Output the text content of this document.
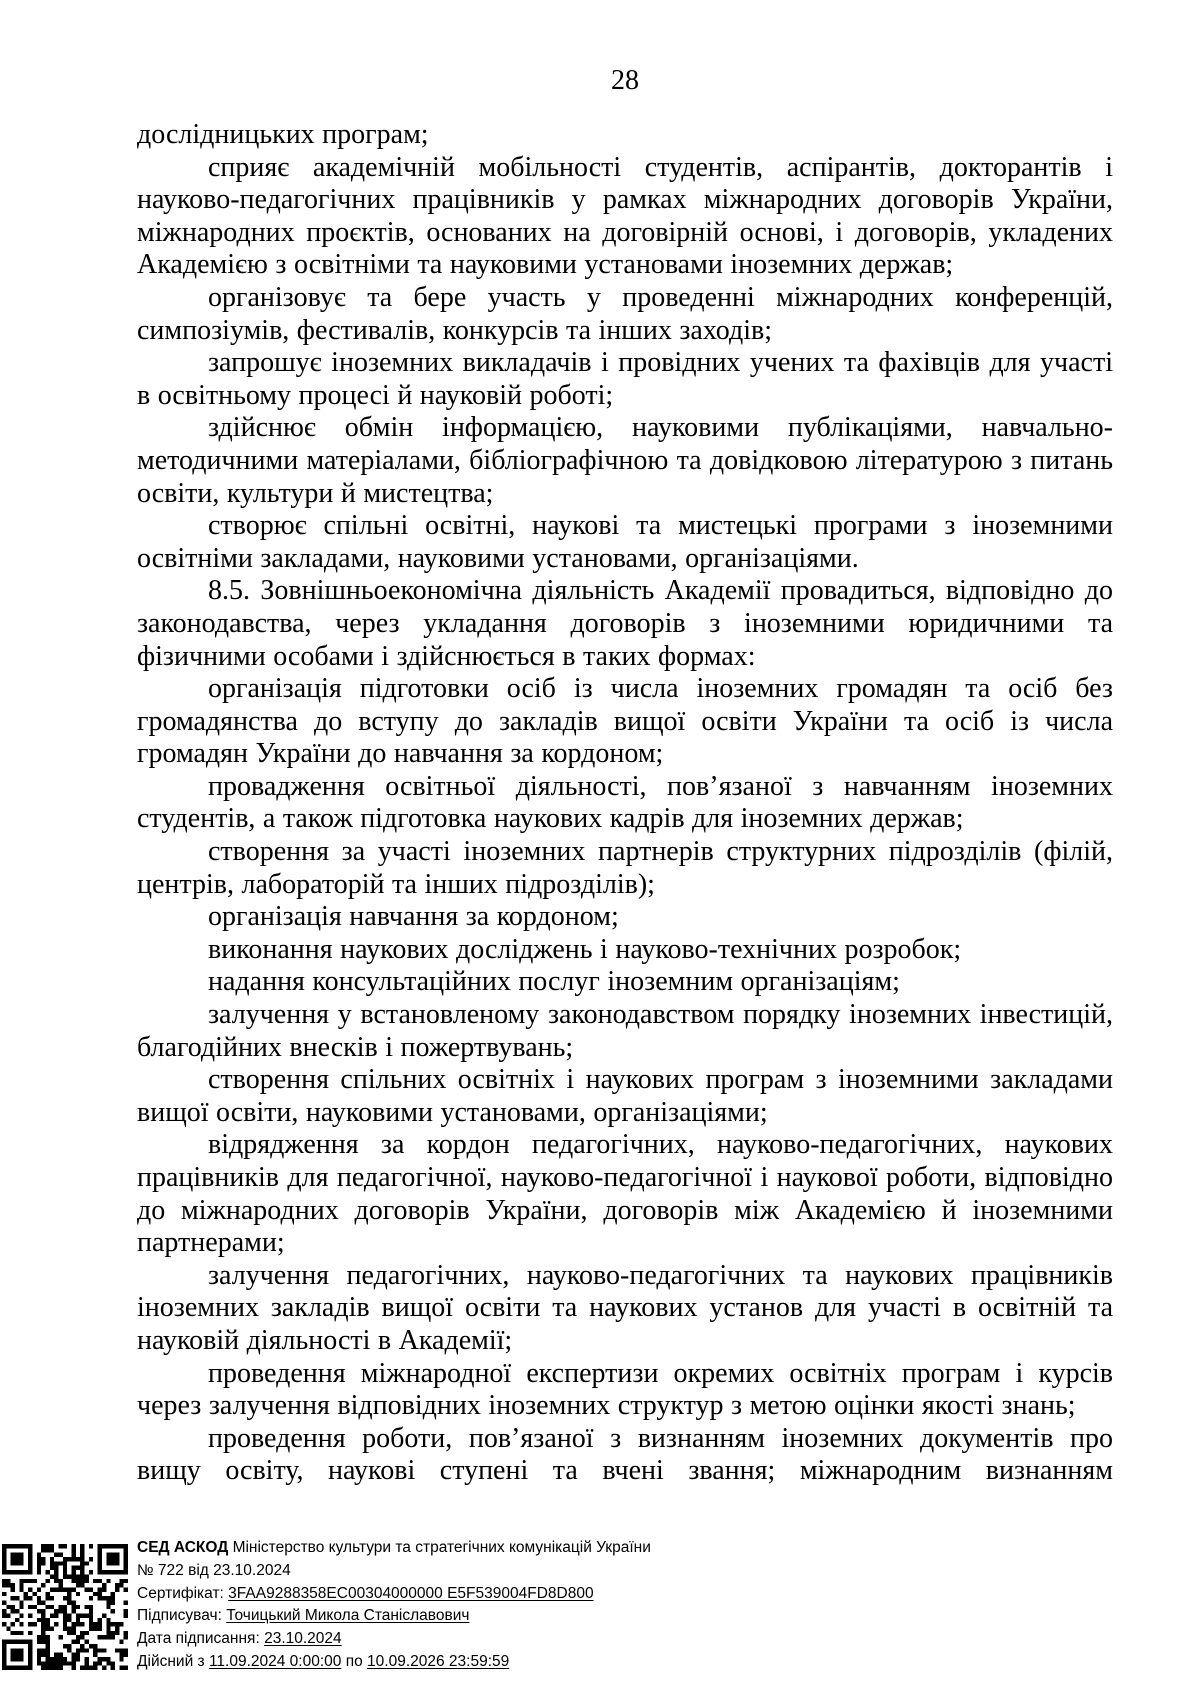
28

дослідницьких програм;

сприяє академічній мобільності студентів, аспірантів, докторантів і науково-педагогічних працівників у рамках міжнародних договорів України, міжнародних проєктів, основаних на договірній основі, і договорів, укладених Академією з освітніми та науковими установами іноземних держав;

організовує та бере участь у проведенні міжнародних конференцій, симпозіумів, фестивалів, конкурсів та інших заходів;

запрошує іноземних викладачів і провідних учених та фахівців для участі в освітньому процесі й науковій роботі;

здійснює обмін інформацією, науковими публікаціями, навчально-методичними матеріалами, бібліографічною та довідковою літературою з питань освіти, культури й мистецтва;

створює спільні освітні, наукові та мистецькі програми з іноземними освітніми закладами, науковими установами, організаціями.

8.5. Зовнішньоекономічна діяльність Академії провадиться, відповідно до законодавства, через укладання договорів з іноземними юридичними та фізичними особами і здійснюється в таких формах:

організація підготовки осіб із числа іноземних громадян та осіб без громадянства до вступу до закладів вищої освіти України та осіб із числа громадян України до навчання за кордоном;

провадження освітньої діяльності, пов’язаної з навчанням іноземних студентів, а також підготовка наукових кадрів для іноземних держав;

створення за участі іноземних партнерів структурних підрозділів (філій, центрів, лабораторій та інших підрозділів);

організація навчання за кордоном;

виконання наукових досліджень і науково-технічних розробок;

надання консультаційних послуг іноземним організаціям;

залучення у встановленому законодавством порядку іноземних інвестицій, благодійних внесків і пожертвувань;

створення спільних освітніх і наукових програм з іноземними закладами вищої освіти, науковими установами, організаціями;

відрядження за кордон педагогічних, науково-педагогічних, наукових працівників для педагогічної, науково-педагогічної і наукової роботи, відповідно до міжнародних договорів України, договорів між Академією й іноземними партнерами;

залучення педагогічних, науково-педагогічних та наукових працівників іноземних закладів вищої освіти та наукових установ для участі в освітній та науковій діяльності в Академії;

проведення міжнародної експертизи окремих освітніх програм і курсів через залучення відповідних іноземних структур з метою оцінки якості знань;

проведення роботи, пов’язаної з визнанням іноземних документів про вищу освіту, наукові ступені та вчені звання; міжнародним визнанням

СЕД АСКОД Міністерство культури та стратегічних комунікацій України
№ 722 від 23.10.2024
Сертифікат: 3FAA9288358EC00304000000 E5F539004FD8D800
Підписувач: Точицький Микола Станіславович
Дата підписання: 23.10.2024
Дійсний з 11.09.2024 0:00:00 по 10.09.2026 23:59:59
